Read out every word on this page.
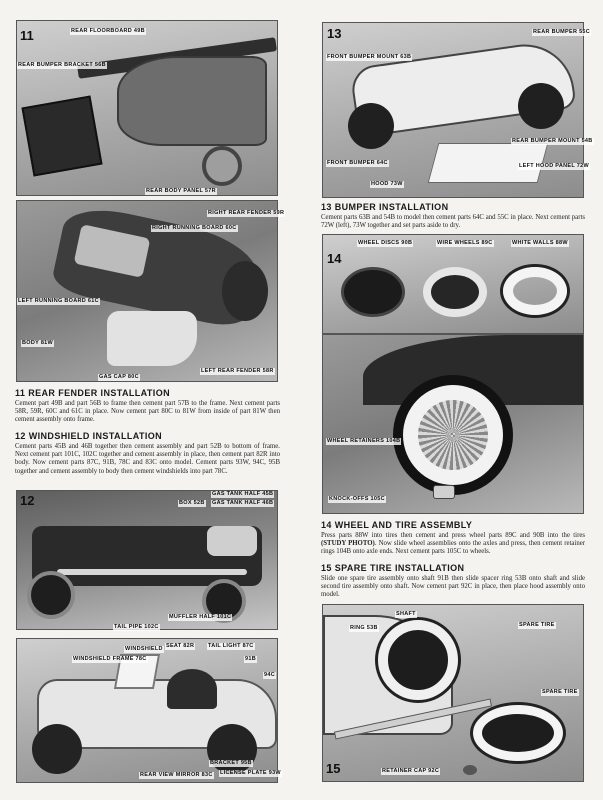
11	REAR FLOORBOARD 49B
REAR BUMPER BRACKET 56B
REAR BODY PANEL 57R
RIGHT REAR FENDER 59R
RIGHT RUNNING BOARD 60C
LEFT RUNNING BOARD 61C
BODY 81W
LEFT REAR FENDER 58R
GAS CAP 80C
11 REAR FENDER INSTALLATION
Cement part 49B and part 56B to frame then cement part 57B to the frame. Next cement parts 58R, 59R, 60C and 61C in place. Now cement part 80C to 81W from inside of part 81W then cement assembly onto frame.
12 WINDSHIELD INSTALLATION
Cement parts 45B and 46B together then cement assembly and part 52B to bottom of frame. Next cement part 101C, 102C together and cement assembly in place, then cement part 82R into body. Now cement parts 87C, 91B, 78C and 83C onto model. Cement parts 93W, 94C, 95B together and cement assembly to body then cement windshields into part 78C.
12	GAS TANK HALF 45B
GAS TANK HALF 46B
BOX 52B
TAIL PIPE 102C
MUFFLER HALF 101C
WINDSHIELD SEAT 82R TAIL LIGHT 87C
WINDSHIELD FRAME 78C	91B
94C
BRACKET 95B
REAR VIEW MIRROR 83C LICENSE PLATE 93W
13	REAR BUMPER 55C
FRONT BUMPER MOUNT 63B
REAR BUMPER MOUNT 54B
FRONT BUMPER 64C	LEFT HOOD PANEL 72W
HOOD 73W
13 BUMPER INSTALLATION
Cement parts 63B and 54B to model then cement parts 64C and 55C in place. Next cement parts 72W (left), 73W together and set parts aside to dry.
14
WHEEL DISCS 90B	WIRE WHEELS 89C	WHITE WALLS 88W
WHEEL RETAINERS 104B
KNOCK-OFFS 105C
14 WHEEL AND TIRE ASSEMBLY
Press parts 88W into tires then cement and press wheel parts 89C and 90B into the tires (STUDY PHOTO). Now slide wheel assemblies onto the axles and press, then cement retainer rings 104B onto axle ends. Next cement parts 105C to wheels.
15 SPARE TIRE INSTALLATION
Slide one spare tire assembly onto shaft 91B then slide spacer ring 53B onto shaft and slide second tire assembly onto shaft. Now cement part 92C in place, then place hood assembly onto model.
15
SHAFT
RING 53B	SPARE TIRE
SPARE TIRE
RETAINER CAP 92C
